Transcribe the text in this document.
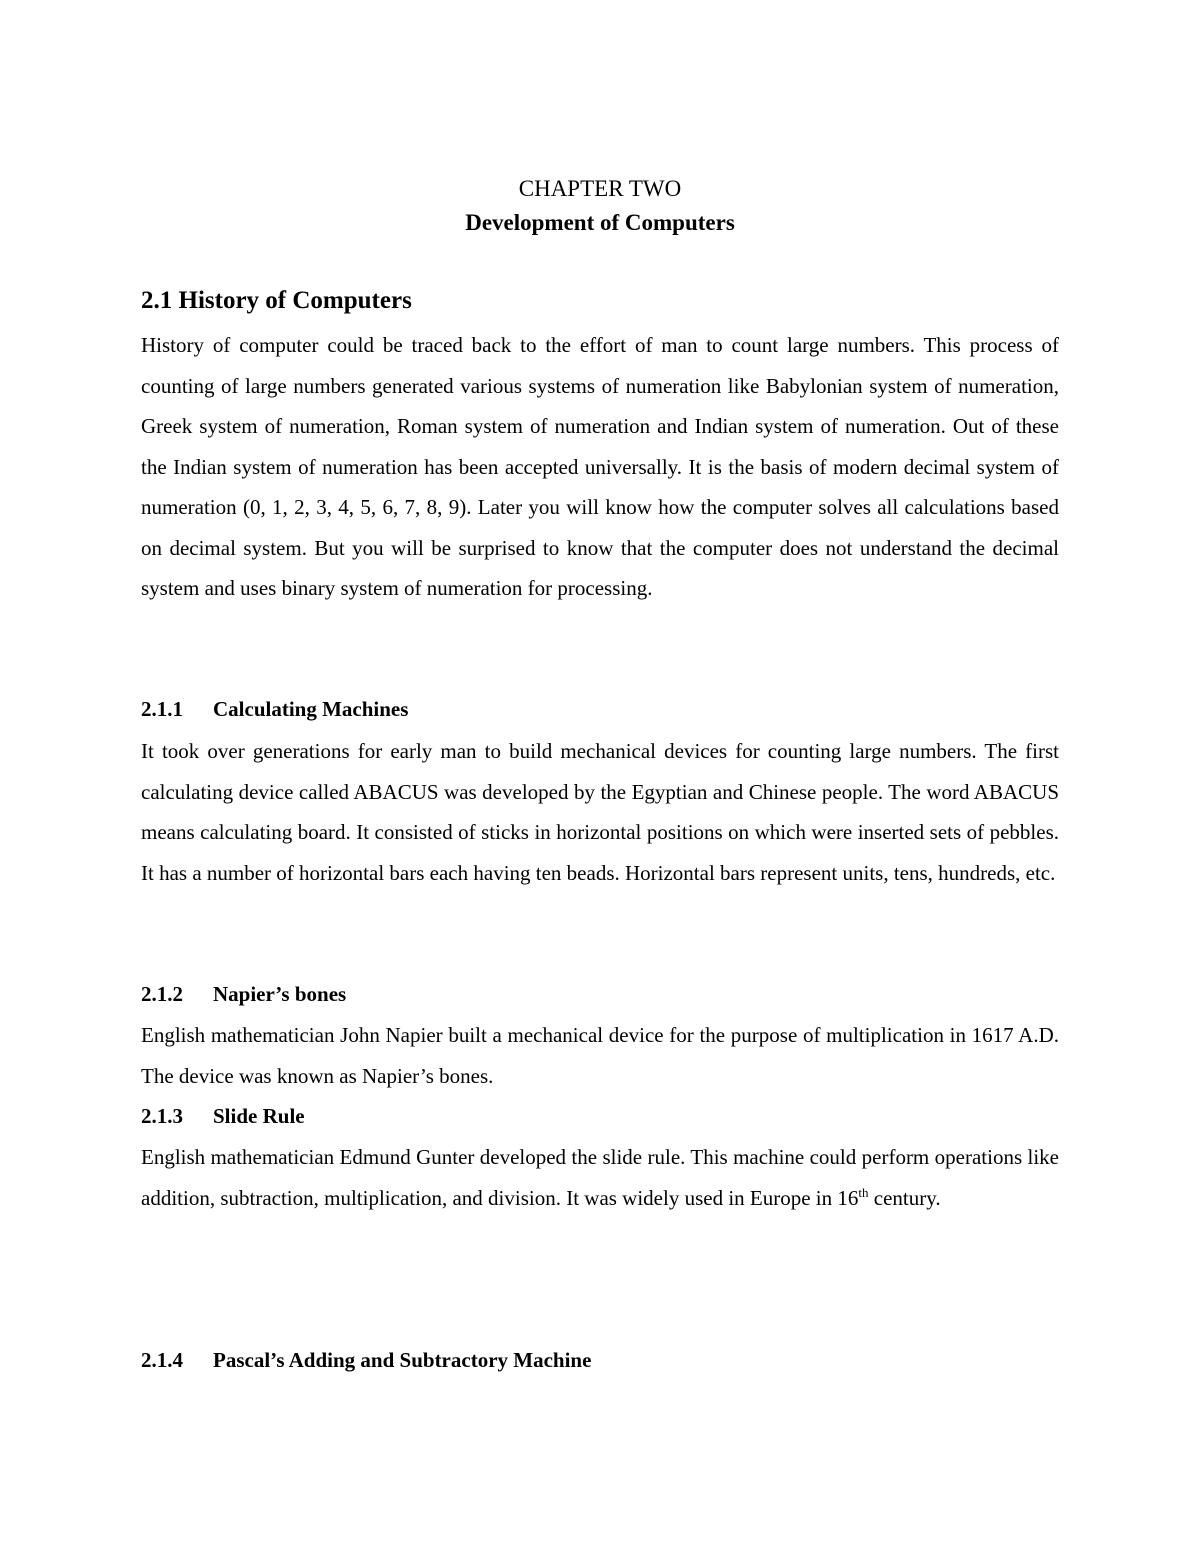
CHAPTER TWO
Development of Computers
2.1 History of Computers

History of computer could be traced back to the effort of man to count large numbers. This process of counting of large numbers generated various systems of numeration like Babylonian system of numeration, Greek system of numeration, Roman system of numeration and Indian system of numeration. Out of these the Indian system of numeration has been accepted universally. It is the basis of modern decimal system of numeration (0, 1, 2, 3, 4, 5, 6, 7, 8, 9). Later you will know how the computer solves all calculations based on decimal system. But you will be surprised to know that the computer does not understand the decimal system and uses binary system of numeration for processing.

2.1.1 Calculating Machines

It took over generations for early man to build mechanical devices for counting large numbers. The first calculating device called ABACUS was developed by the Egyptian and Chinese people. The word ABACUS means calculating board. It consisted of sticks in horizontal positions on which were inserted sets of pebbles. It has a number of horizontal bars each having ten beads. Horizontal bars represent units, tens, hundreds, etc.

2.1.2 Napier’s bones

English mathematician John Napier built a mechanical device for the purpose of multiplication in 1617 A.D. The device was known as Napier’s bones.

2.1.3 Slide Rule

English mathematician Edmund Gunter developed the slide rule. This machine could perform operations like addition, subtraction, multiplication, and division. It was widely used in Europe in 16th century.

2.1.4 Pascal’s Adding and Subtractory Machine
